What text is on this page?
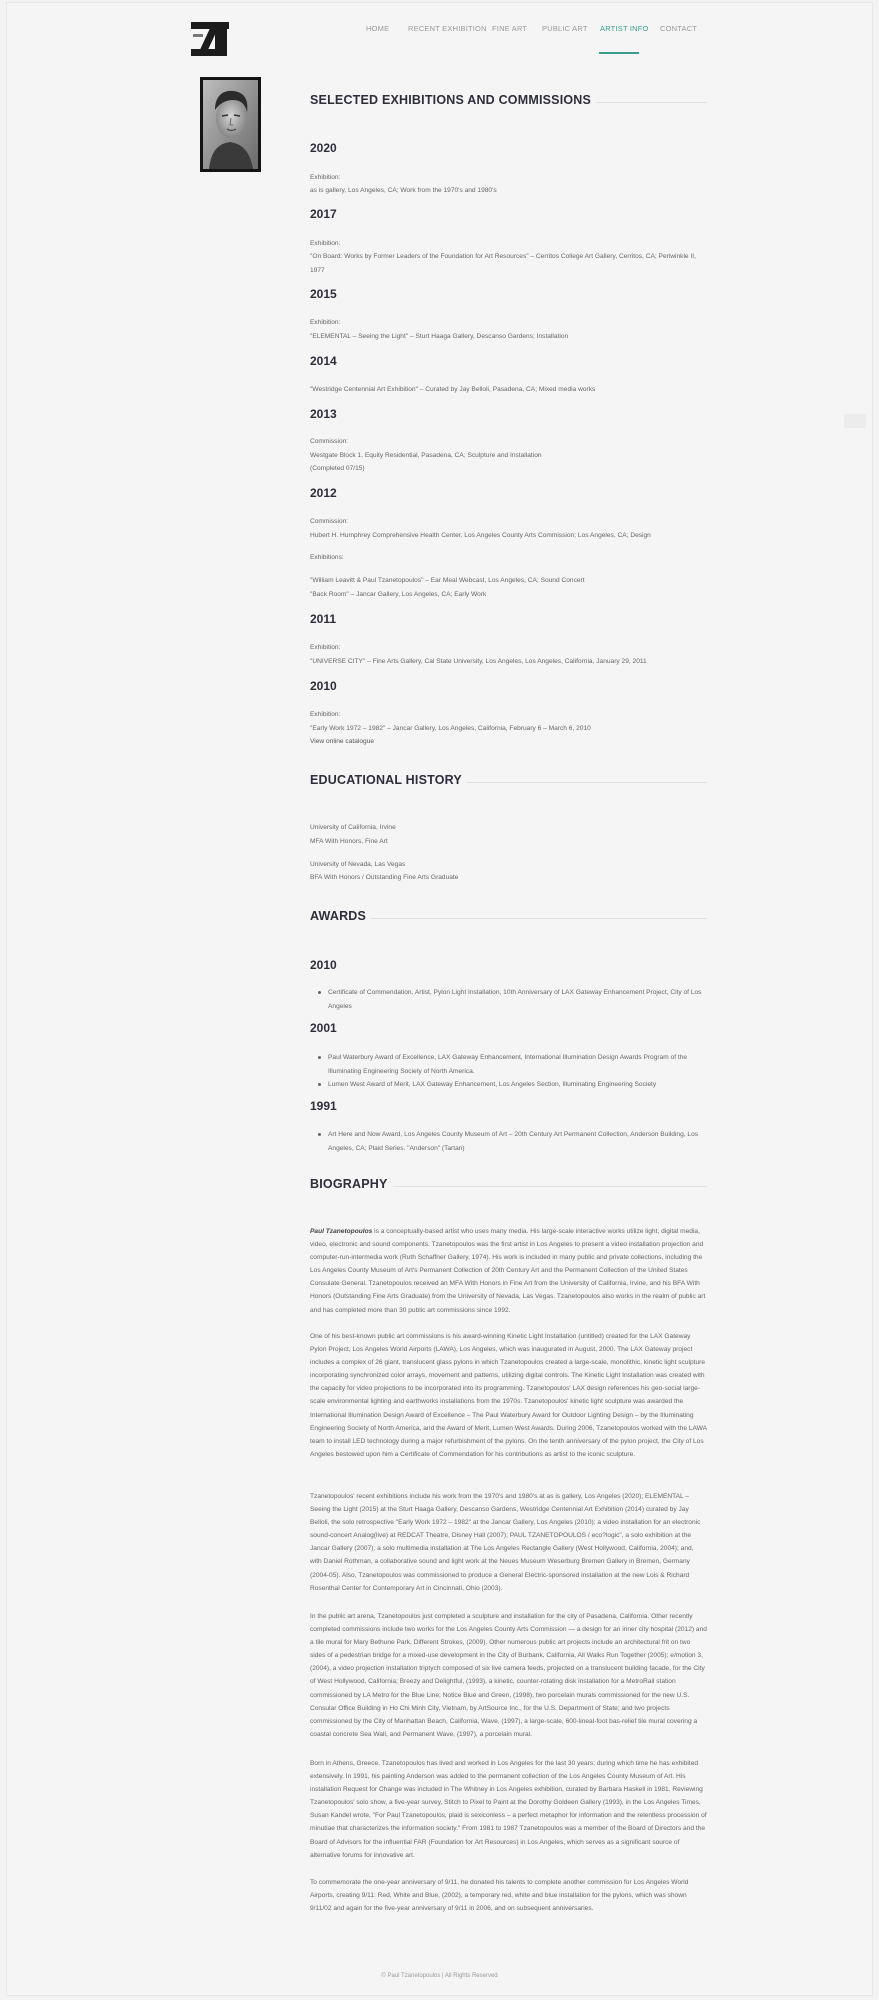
HOME RECENT EXHIBITION FINE ART PUBLIC ART ARTIST INFO CONTACT
SELECTED EXHIBITIONS AND COMMISSIONS
2020
Exhibition:
as is gallery, Los Angeles, CA; Work from the 1970's and 1980's
2017
Exhibition:
"On Board: Works by Former Leaders of the Foundation for Art Resources" – Cerritos College Art Gallery, Cerritos, CA; Periwinkle II,
1977
2015
Exhibition:
"ELEMENTAL – Seeing the Light" – Sturt Haaga Gallery, Descanso Gardens; Installation
2014
"Westridge Centennial Art Exhibition" – Curated by Jay Belloli, Pasadena, CA; Mixed media works
2013
Commission:
Westgate Block 1, Equity Residential, Pasadena, CA; Sculpture and Installation
(Completed 07/15)
2012
Commission:
Hubert H. Humphrey Comprehensive Health Center, Los Angeles County Arts Commission; Los Angeles, CA; Design
Exhibitions:
"William Leavitt & Paul Tzanetopoulos" – Ear Meal Webcast, Los Angeles, CA; Sound Concert
"Back Room" – Jancar Gallery, Los Angeles, CA; Early Work
2011
Exhibition:
"UNIVERSE CITY" – Fine Arts Gallery, Cal State University, Los Angeles, Los Angeles, California, January 29, 2011
2010
Exhibition:
"Early Work 1972 – 1982" – Jancar Gallery, Los Angeles, California, February 6 – March 6, 2010
View online catalogue
EDUCATIONAL HISTORY
University of California, Irvine
MFA With Honors, Fine Art
University of Nevada, Las Vegas
BFA With Honors / Outstanding Fine Arts Graduate
AWARDS
2010
Certificate of Commendation, Artist, Pylon Light Installation, 10th Anniversary of LAX Gateway Enhancement Project, City of Los Angeles
2001
Paul Waterbury Award of Excellence, LAX Gateway Enhancement, International Illumination Design Awards Program of the Illuminating Engineering Society of North America.
Lumen West Award of Merit, LAX Gateway Enhancement, Los Angeles Section, Illuminating Engineering Society
1991
Art Here and Now Award, Los Angeles County Museum of Art – 20th Century Art Permanent Collection, Anderson Building, Los Angeles, CA; Plaid Series. "Anderson" (Tartan)
BIOGRAPHY
Paul Tzanetopoulos is a conceptually-based artist who uses many media. His large-scale interactive works utilize light, digital media, video, electronic and sound components. Tzanetopoulos was the first artist in Los Angeles to present a video installation projection and computer-run-intermedia work (Ruth Schaffner Gallery, 1974). His work is included in many public and private collections, including the Los Angeles County Museum of Art's Permanent Collection of 20th Century Art and the Permanent Collection of the United States Consulate General. Tzanetopoulos received an MFA With Honors in Fine Art from the University of California, Irvine, and his BFA With Honors (Outstanding Fine Arts Graduate) from the University of Nevada, Las Vegas. Tzanetopoulos also works in the realm of public art and has completed more than 30 public art commissions since 1992.
One of his best-known public art commissions is his award-winning Kinetic Light Installation (untitled) created for the LAX Gateway Pylon Project, Los Angeles World Airports (LAWA), Los Angeles, which was inaugurated in August, 2000. The LAX Gateway project includes a complex of 26 giant, translucent glass pylons in which Tzanetopoulos created a large-scale, monolithic, kinetic light sculpture incorporating synchronized color arrays, movement and patterns, utilizing digital controls. The Kinetic Light Installation was created with the capacity for video projections to be incorporated into its programming. Tzanetopoulos' LAX design references his geo-social large-scale environmental lighting and earthworks installations from the 1970s. Tzanetopoulos' kinetic light sculpture was awarded the International Illumination Design Award of Excellence – The Paul Waterbury Award for Outdoor Lighting Design – by the Illuminating Engineering Society of North America, and the Award of Merit, Lumen West Awards. During 2006, Tzanetopoulos worked with the LAWA team to install LED technology during a major refurbishment of the pylons. On the tenth anniversary of the pylon project, the City of Los Angeles bestowed upon him a Certificate of Commendation for his contributions as artist to the iconic sculpture.
Tzanetopoulos' recent exhibitions include his work from the 1970's and 1980's at as is gallery, Los Angeles (2020); ELEMENTAL – Seeing the Light (2015) at the Sturt Haaga Gallery, Descanso Gardens, Westridge Centennial Art Exhibition (2014) curated by Jay Belloli, the solo retrospective "Early Work 1972 – 1982" at the Jancar Gallery, Los Angeles (2010); a video installation for an electronic sound-concert Analog(live) at REDCAT Theatre, Disney Hall (2007); PAUL TZANETOPOULOS / eco?logic", a solo exhibition at the Jancar Gallery (2007); a solo multimedia installation at The Los Angeles Rectangle Gallery (West Hollywood, California, 2004); and, with Daniel Rothman, a collaborative sound and light work at the Neues Museum Weserburg Bremen Gallery in Bremen, Germany (2004-05). Also, Tzanetopoulos was commissioned to produce a General Electric-sponsored installation at the new Lois & Richard Rosenthal Center for Contemporary Art in Cincinnati, Ohio (2003).
In the public art arena, Tzanetopoulos just completed a sculpture and installation for the city of Pasadena, California. Other recently completed commissions include two works for the Los Angeles County Arts Commission — a design for an inner city hospital (2012) and a tile mural for Mary Bethune Park, Different Strokes, (2009). Other numerous public art projects include an architectural frit on two sides of a pedestrian bridge for a mixed-use development in the City of Burbank, California, All Walks Run Together (2005); e/motion 3, (2004), a video projection installation triptych composed of six live camera feeds, projected on a translucent building facade, for the City of West Hollywood, California; Breezy and Delightful, (1993), a kinetic, counter-rotating disk installation for a MetroRail station commissioned by LA Metro for the Blue Line; Notice Blue and Green, (1998), two porcelain murals commissioned for the new U.S. Consular Office Building in Ho Chi Minh City, Vietnam, by ArtSource Inc., for the U.S. Department of State; and two projects commissioned by the City of Manhattan Beach, California, Wave, (1997), a large-scale, 600-lineal-foot bas-relief tile mural covering a coastal concrete Sea Wall, and Permanent Wave, (1997), a porcelain mural.
Born in Athens, Greece, Tzanetopoulos has lived and worked in Los Angeles for the last 30 years; during which time he has exhibited extensively. In 1991, his painting Anderson was added to the permanent collection of the Los Angeles County Museum of Art. His installation Request for Change was included in The Whitney in Los Angeles exhibition, curated by Barbara Haskell in 1981. Reviewing Tzanetopoulos' solo show, a five-year survey, Stitch to Pixel to Paint at the Dorothy Goldeen Gallery (1993), in the Los Angeles Times, Susan Kandel wrote, "For Paul Tzanetopoulos, plaid is sexiconless – a perfect metaphor for information and the relentless procession of minutiae that characterizes the information society." From 1981 to 1987 Tzanetopoulos was a member of the Board of Directors and the Board of Advisors for the influential FAR (Foundation for Art Resources) in Los Angeles, which serves as a significant source of alternative forums for innovative art.
To commemorate the one-year anniversary of 9/11, he donated his talents to complete another commission for Los Angeles World Airports, creating 9/11: Red, White and Blue, (2002), a temporary red, white and blue installation for the pylons, which was shown 9/11/02 and again for the five-year anniversary of 9/11 in 2006, and on subsequent anniversaries.
© Paul Tzanetopoulos | All Rights Reserved
